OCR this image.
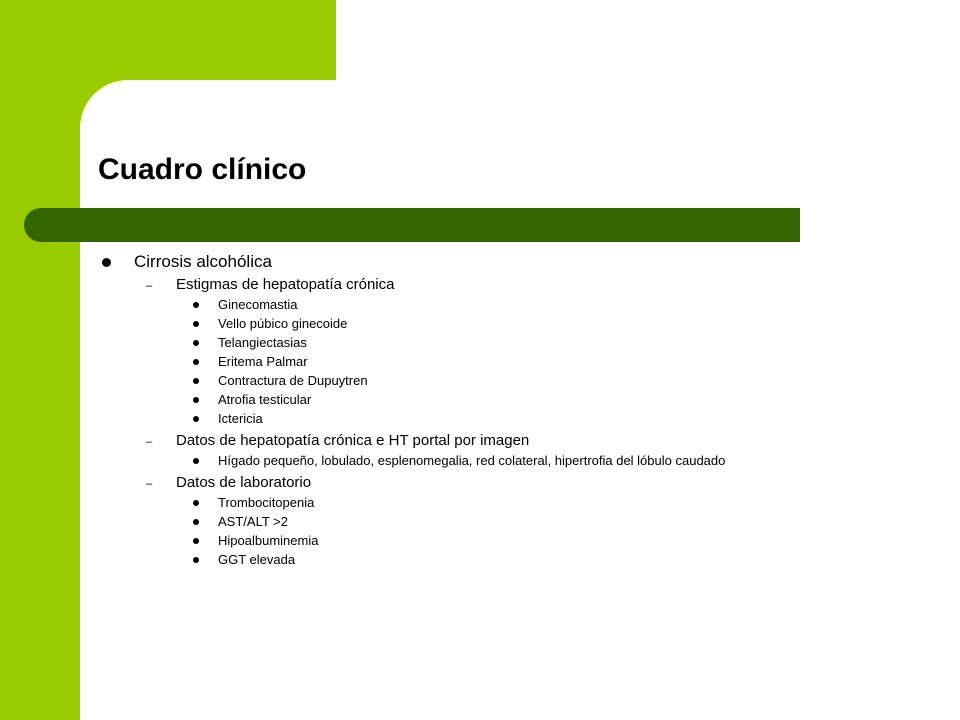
Cuadro clínico
Cirrosis alcohólica
– Estigmas de hepatopatía crónica
Ginecomastia
Vello púbico ginecoide
Telangiectasias
Eritema Palmar
Contractura de Dupuytren
Atrofia testicular
Ictericia
– Datos de hepatopatía crónica e HT portal por imagen
Hígado pequeño, lobulado, esplenomegalia, red colateral, hipertrofia del lóbulo caudado
– Datos de laboratorio
Trombocitopenia
AST/ALT >2
Hipoalbuminemia
GGT elevada
